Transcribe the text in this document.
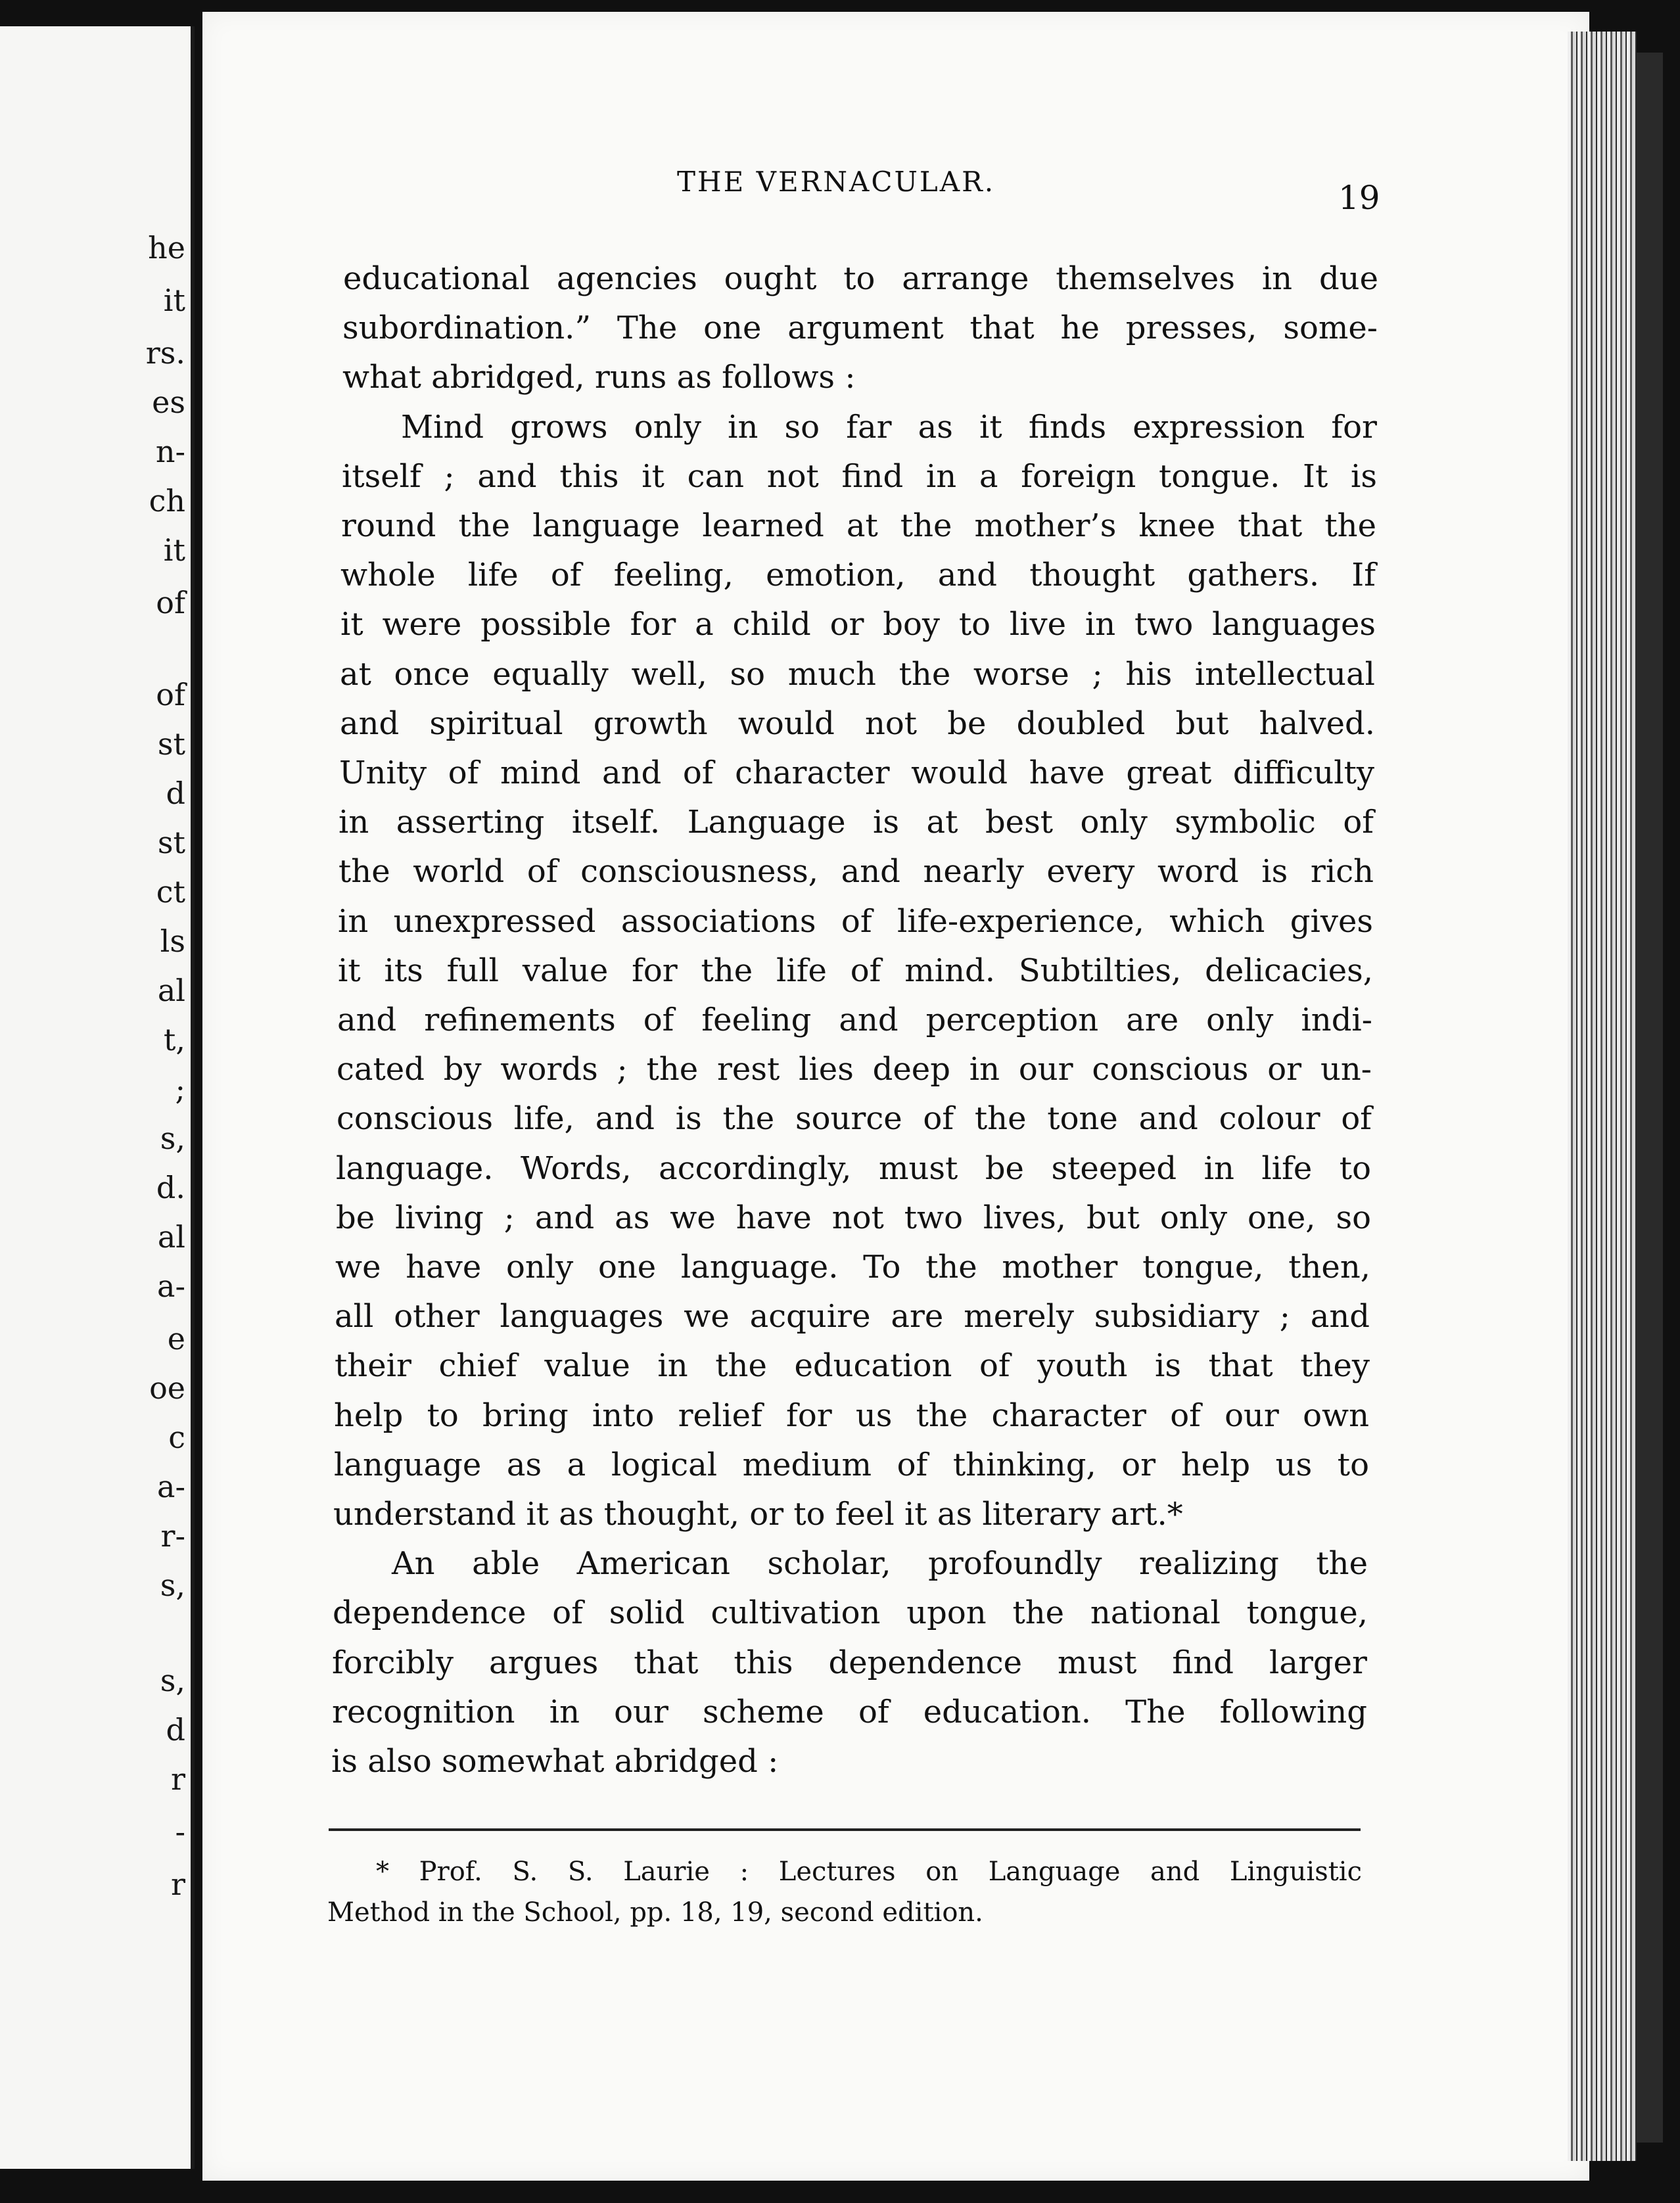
he
it
rs.
es
n-
ch
it
of
of
st
d
st
ct
ls
al
t,
;
s,
d.
al
a-
e
oe
c
a-
r-
s,
s,
d
r
-
r
THE VERNACULAR.	19
educational agencies ought to arrange themselves in due
subordination.” The one argument that he presses, some-
what abridged, runs as follows :
Mind grows only in so far as it finds expression for
itself ; and this it can not find in a foreign tongue. It is
round the language learned at the mother’s knee that the
whole life of feeling, emotion, and thought gathers. If
it were possible for a child or boy to live in two languages
at once equally well, so much the worse ; his intellectual
and spiritual growth would not be doubled but halved.
Unity of mind and of character would have great difficulty
in asserting itself. Language is at best only symbolic of
the world of consciousness, and nearly every word is rich
in unexpressed associations of life-experience, which gives
it its full value for the life of mind. Subtilties, delicacies,
and refinements of feeling and perception are only indi-
cated by words ; the rest lies deep in our conscious or un-
conscious life, and is the source of the tone and colour of
language. Words, accordingly, must be steeped in life to
be living ; and as we have not two lives, but only one, so
we have only one language. To the mother tongue, then,
all other languages we acquire are merely subsidiary ; and
their chief value in the education of youth is that they
help to bring into relief for us the character of our own
language as a logical medium of thinking, or help us to
understand it as thought, or to feel it as literary art.*
An able American scholar, profoundly realizing the
dependence of solid cultivation upon the national tongue,
forcibly argues that this dependence must find larger
recognition in our scheme of education. The following
is also somewhat abridged :
* Prof. S. S. Laurie : Lectures on Language and Linguistic
Method in the School, pp. 18, 19, second edition.
